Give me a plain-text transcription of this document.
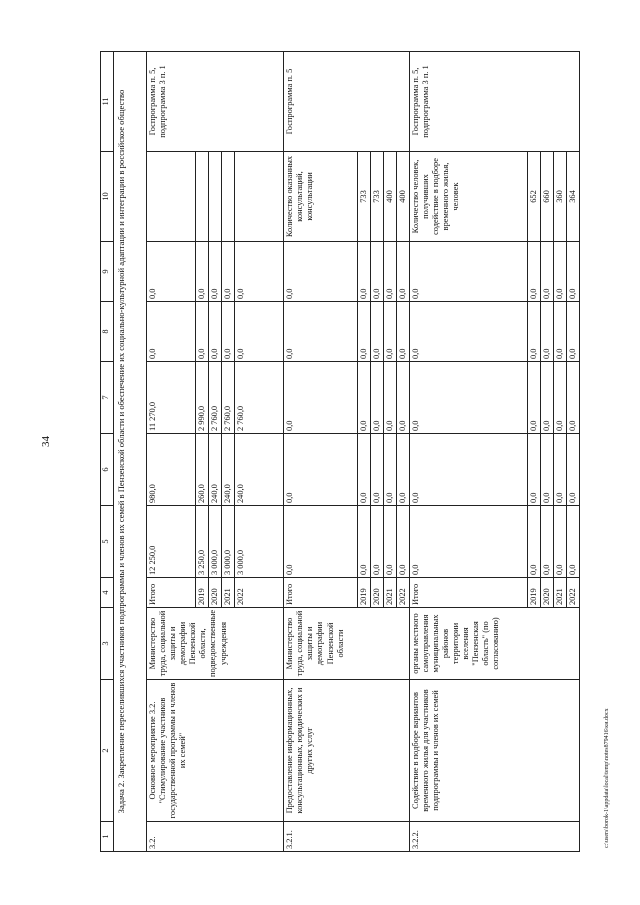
34
c:\users\borok-1\appdata\local\temp\notes879416\ки.docx
1	2	3	4	5	6	7	8	9	10	11
Задача 2. Закрепление переселившихся участников подпрограммы и членов их семей в Пензенской области и обеспечение их социально-культурной адаптации и интеграции в российское общество										
3.2.	Основное мероприятие 3.2. "Стимулирование участников государственной программы и членов их семей"	Министерство труда, социальной защиты и демографии Пензенской области, подведомственные учреждения	Итого	12 250,0	980,0	11 270,0	0,0	0,0		Госпрограмма п. 5, подпрограмма 3 п. 1
			2019	3 250,0	260,0	2 990,0	0,0	0,0		
			2020	3 000,0	240,0	2 760,0	0,0	0,0		
			2021	3 000,0	240,0	2 760,0	0,0	0,0		
			2022	3 000,0	240,0	2 760,0	0,0	0,0		
3.2.1.	Предоставление информационных, консультационных, юридических и других услуг	Министерство труда, социальной защиты и демографии Пензенской области	Итого	0,0	0,0	0,0	0,0	0,0	Количество оказанных консультаций, консультации	Госпрограмма п. 5
			2019	0,0	0,0	0,0	0,0	0,0	733	
			2020	0,0	0,0	0,0	0,0	0,0	733	
			2021	0,0	0,0	0,0	0,0	0,0	400	
			2022	0,0	0,0	0,0	0,0	0,0	400	
3.2.2.	Содействие в подборе вариантов временного жилья для участников подпрограммы и членов их семей	органы местного самоуправления муниципальных районов территории вселения "Пензенская область" (по согласованию)	Итого	0,0	0,0	0,0	0,0	0,0	Количество человек, получивших содействие в подборе временного жилья, человек	Госпрограмма п. 5, подпрограмма 3 п. 1
			2019	0,0	0,0	0,0	0,0	0,0	652	
			2020	0,0	0,0	0,0	0,0	0,0	660	
			2021	0,0	0,0	0,0	0,0	0,0	360	
			2022	0,0	0,0	0,0	0,0	0,0	364	
